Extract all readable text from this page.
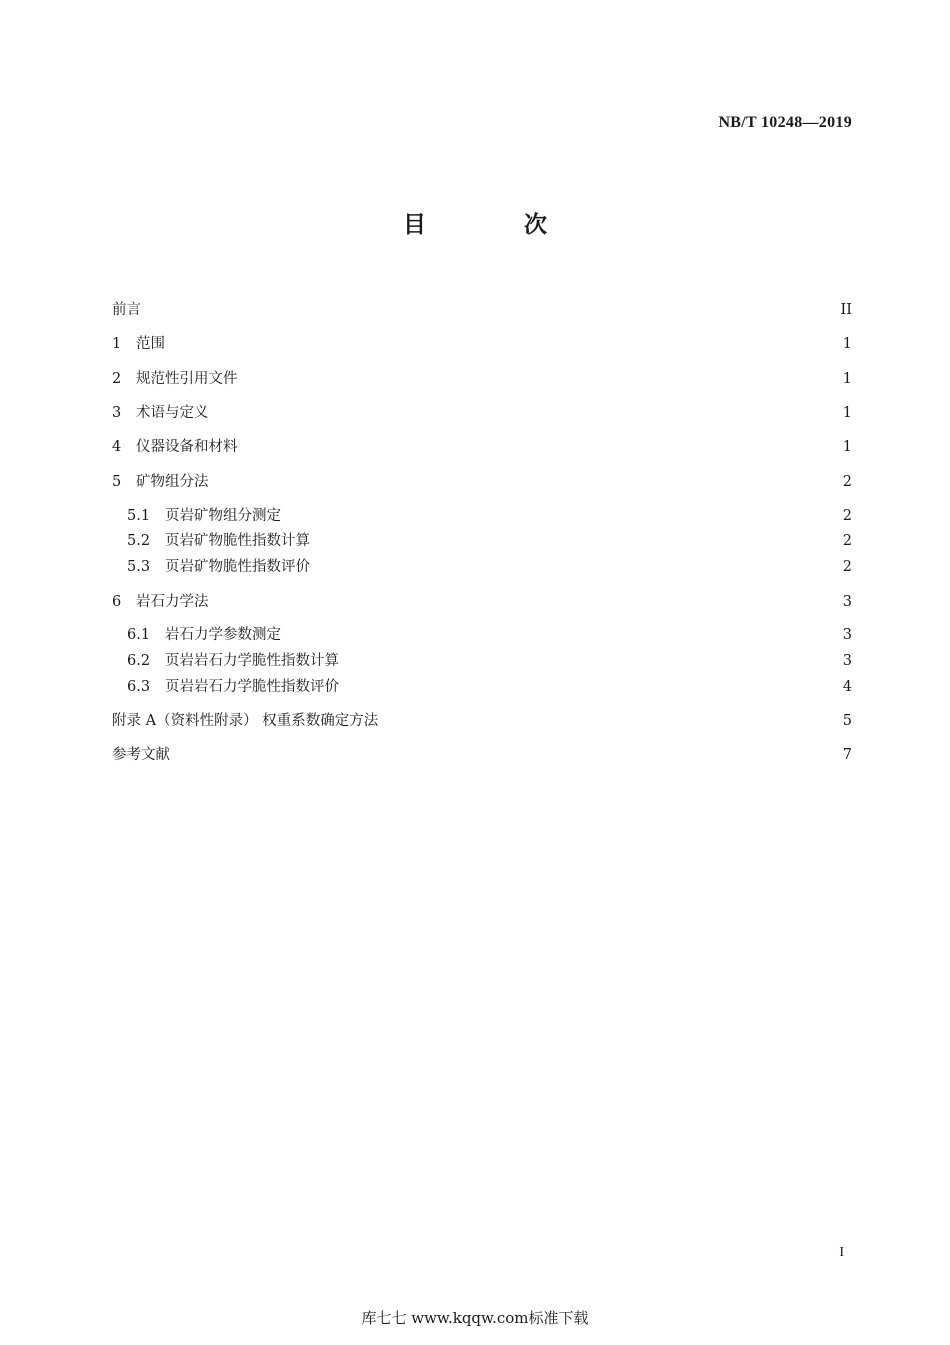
NB/T 10248—2019
目 次
前言	II
1	范围	1
2	规范性引用文件	1
3	术语与定义	1
4	仪器设备和材料	1
5	矿物组分法	2
5.1	页岩矿物组分测定	2
5.2	页岩矿物脆性指数计算	2
5.3	页岩矿物脆性指数评价	2
6	岩石力学法	3
6.1	岩石力学参数测定	3
6.2	页岩岩石力学脆性指数计算	3
6.3	页岩岩石力学脆性指数评价	4
附录 A（资料性附录） 权重系数确定方法	5
参考文献	7
I
库七七 www.kqqw.com标准下载
